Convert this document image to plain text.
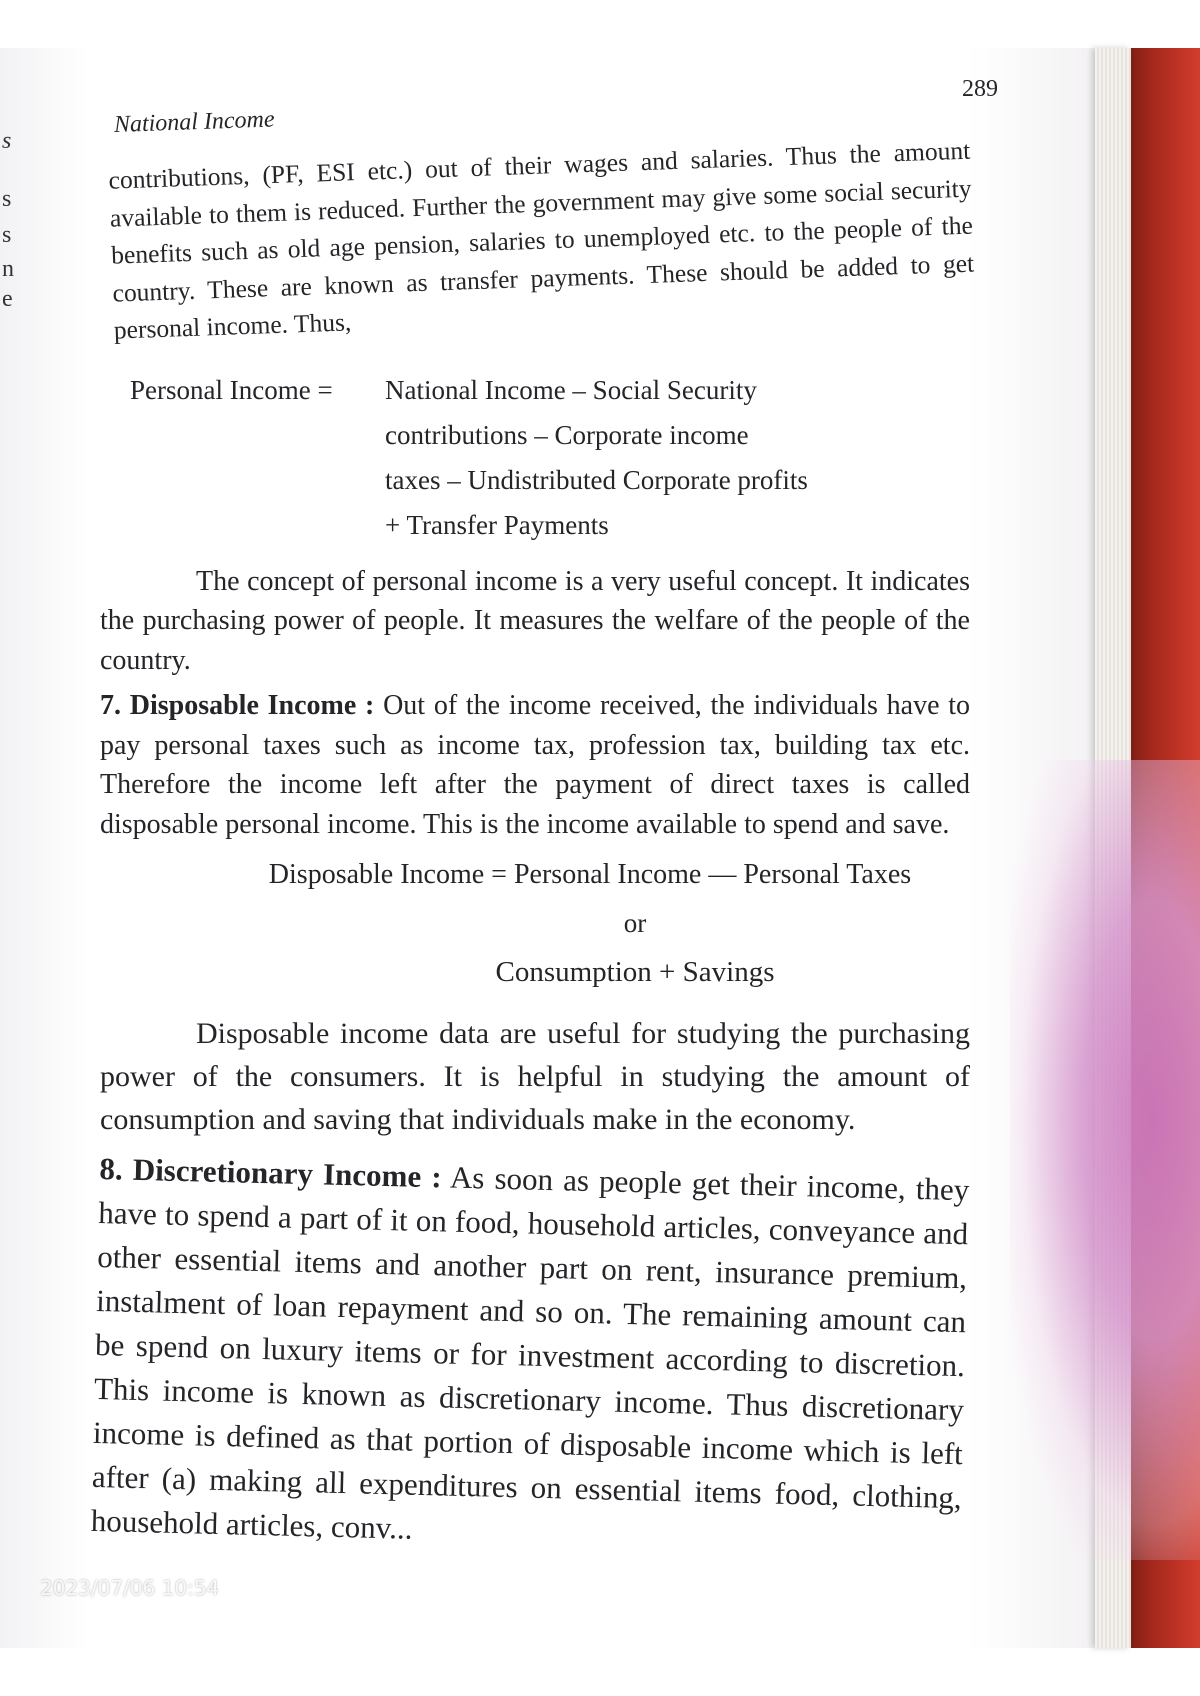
s
s
s
n
e
National Income
289

contributions, (PF, ESI etc.) out of their wages and salaries. Thus the amount available to them is reduced. Further the government may give some social security benefits such as old age pension, salaries to unemployed etc. to the people of the country. These are known as transfer payments. These should be added to get personal income. Thus,

Personal Income =	National Income – Social Security
contributions – Corporate income
taxes – Undistributed Corporate profits
+ Transfer Payments

The concept of personal income is a very useful concept. It indicates the purchasing power of people. It measures the welfare of the people of the country.

7. Disposable Income : Out of the income received, the individuals have to pay personal taxes such as income tax, profession tax, building tax etc. Therefore the income left after the payment of direct taxes is called disposable personal income. This is the income available to spend and save.

Disposable Income = Personal Income — Personal Taxes
or
Consumption + Savings

Disposable income data are useful for studying the purchasing power of the consumers. It is helpful in studying the amount of consumption and saving that individuals make in the economy.

8. Discretionary Income : As soon as people get their income, they have to spend a part of it on food, household articles, conveyance and other essential items and another part on rent, insurance premium, instalment of loan repayment and so on. The remaining amount can be spend on luxury items or for investment according to discretion. This income is known as discretionary income. Thus discretionary income is defined as that portion of disposable income which is left after (a) making all expenditures on essential items food, clothing, household articles, conv...

2023/07/06 10:54
